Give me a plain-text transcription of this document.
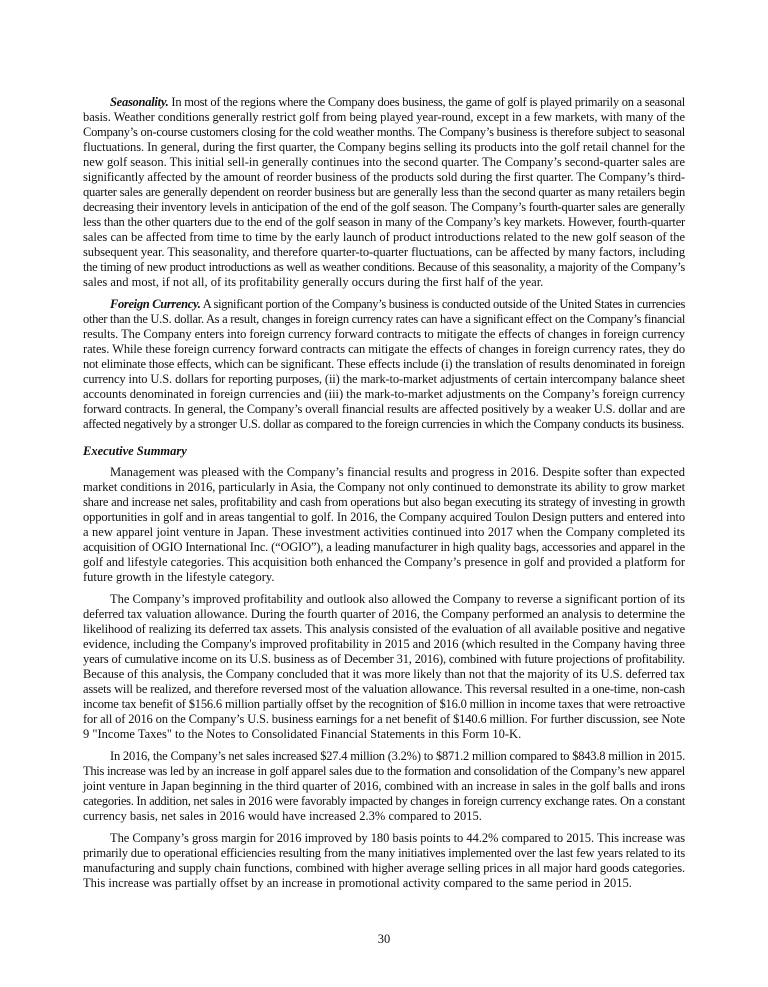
Seasonality. In most of the regions where the Company does business, the game of golf is played primarily on a seasonal
basis. Weather conditions generally restrict golf from being played year-round, except in a few markets, with many of the
Company’s on-course customers closing for the cold weather months. The Company’s business is therefore subject to seasonal
fluctuations. In general, during the first quarter, the Company begins selling its products into the golf retail channel for the
new golf season. This initial sell-in generally continues into the second quarter. The Company’s second-quarter sales are
significantly affected by the amount of reorder business of the products sold during the first quarter. The Company’s third-
quarter sales are generally dependent on reorder business but are generally less than the second quarter as many retailers begin
decreasing their inventory levels in anticipation of the end of the golf season. The Company’s fourth-quarter sales are generally
less than the other quarters due to the end of the golf season in many of the Company’s key markets. However, fourth-quarter
sales can be affected from time to time by the early launch of product introductions related to the new golf season of the
subsequent year. This seasonality, and therefore quarter-to-quarter fluctuations, can be affected by many factors, including
the timing of new product introductions as well as weather conditions. Because of this seasonality, a majority of the Company’s
sales and most, if not all, of its profitability generally occurs during the first half of the year.
Foreign Currency. A significant portion of the Company’s business is conducted outside of the United States in currencies
other than the U.S. dollar. As a result, changes in foreign currency rates can have a significant effect on the Company’s financial
results. The Company enters into foreign currency forward contracts to mitigate the effects of changes in foreign currency
rates. While these foreign currency forward contracts can mitigate the effects of changes in foreign currency rates, they do
not eliminate those effects, which can be significant. These effects include (i) the translation of results denominated in foreign
currency into U.S. dollars for reporting purposes, (ii) the mark-to-market adjustments of certain intercompany balance sheet
accounts denominated in foreign currencies and (iii) the mark-to-market adjustments on the Company’s foreign currency
forward contracts. In general, the Company’s overall financial results are affected positively by a weaker U.S. dollar and are
affected negatively by a stronger U.S. dollar as compared to the foreign currencies in which the Company conducts its business.
Executive Summary
Management was pleased with the Company’s financial results and progress in 2016. Despite softer than expected
market conditions in 2016, particularly in Asia, the Company not only continued to demonstrate its ability to grow market
share and increase net sales, profitability and cash from operations but also began executing its strategy of investing in growth
opportunities in golf and in areas tangential to golf. In 2016, the Company acquired Toulon Design putters and entered into
a new apparel joint venture in Japan. These investment activities continued into 2017 when the Company completed its
acquisition of OGIO International Inc. (“OGIO”), a leading manufacturer in high quality bags, accessories and apparel in the
golf and lifestyle categories. This acquisition both enhanced the Company’s presence in golf and provided a platform for
future growth in the lifestyle category.
The Company’s improved profitability and outlook also allowed the Company to reverse a significant portion of its
deferred tax valuation allowance. During the fourth quarter of 2016, the Company performed an analysis to determine the
likelihood of realizing its deferred tax assets. This analysis consisted of the evaluation of all available positive and negative
evidence, including the Company's improved profitability in 2015 and 2016 (which resulted in the Company having three
years of cumulative income on its U.S. business as of December 31, 2016), combined with future projections of profitability.
Because of this analysis, the Company concluded that it was more likely than not that the majority of its U.S. deferred tax
assets will be realized, and therefore reversed most of the valuation allowance. This reversal resulted in a one-time, non-cash
income tax benefit of $156.6 million partially offset by the recognition of $16.0 million in income taxes that were retroactive
for all of 2016 on the Company’s U.S. business earnings for a net benefit of $140.6 million. For further discussion, see Note
9 "Income Taxes" to the Notes to Consolidated Financial Statements in this Form 10-K.
In 2016, the Company’s net sales increased $27.4 million (3.2%) to $871.2 million compared to $843.8 million in 2015.
This increase was led by an increase in golf apparel sales due to the formation and consolidation of the Company’s new apparel
joint venture in Japan beginning in the third quarter of 2016, combined with an increase in sales in the golf balls and irons
categories. In addition, net sales in 2016 were favorably impacted by changes in foreign currency exchange rates. On a constant
currency basis, net sales in 2016 would have increased 2.3% compared to 2015.
The Company’s gross margin for 2016 improved by 180 basis points to 44.2% compared to 2015. This increase was
primarily due to operational efficiencies resulting from the many initiatives implemented over the last few years related to its
manufacturing and supply chain functions, combined with higher average selling prices in all major hard goods categories.
This increase was partially offset by an increase in promotional activity compared to the same period in 2015.
30
